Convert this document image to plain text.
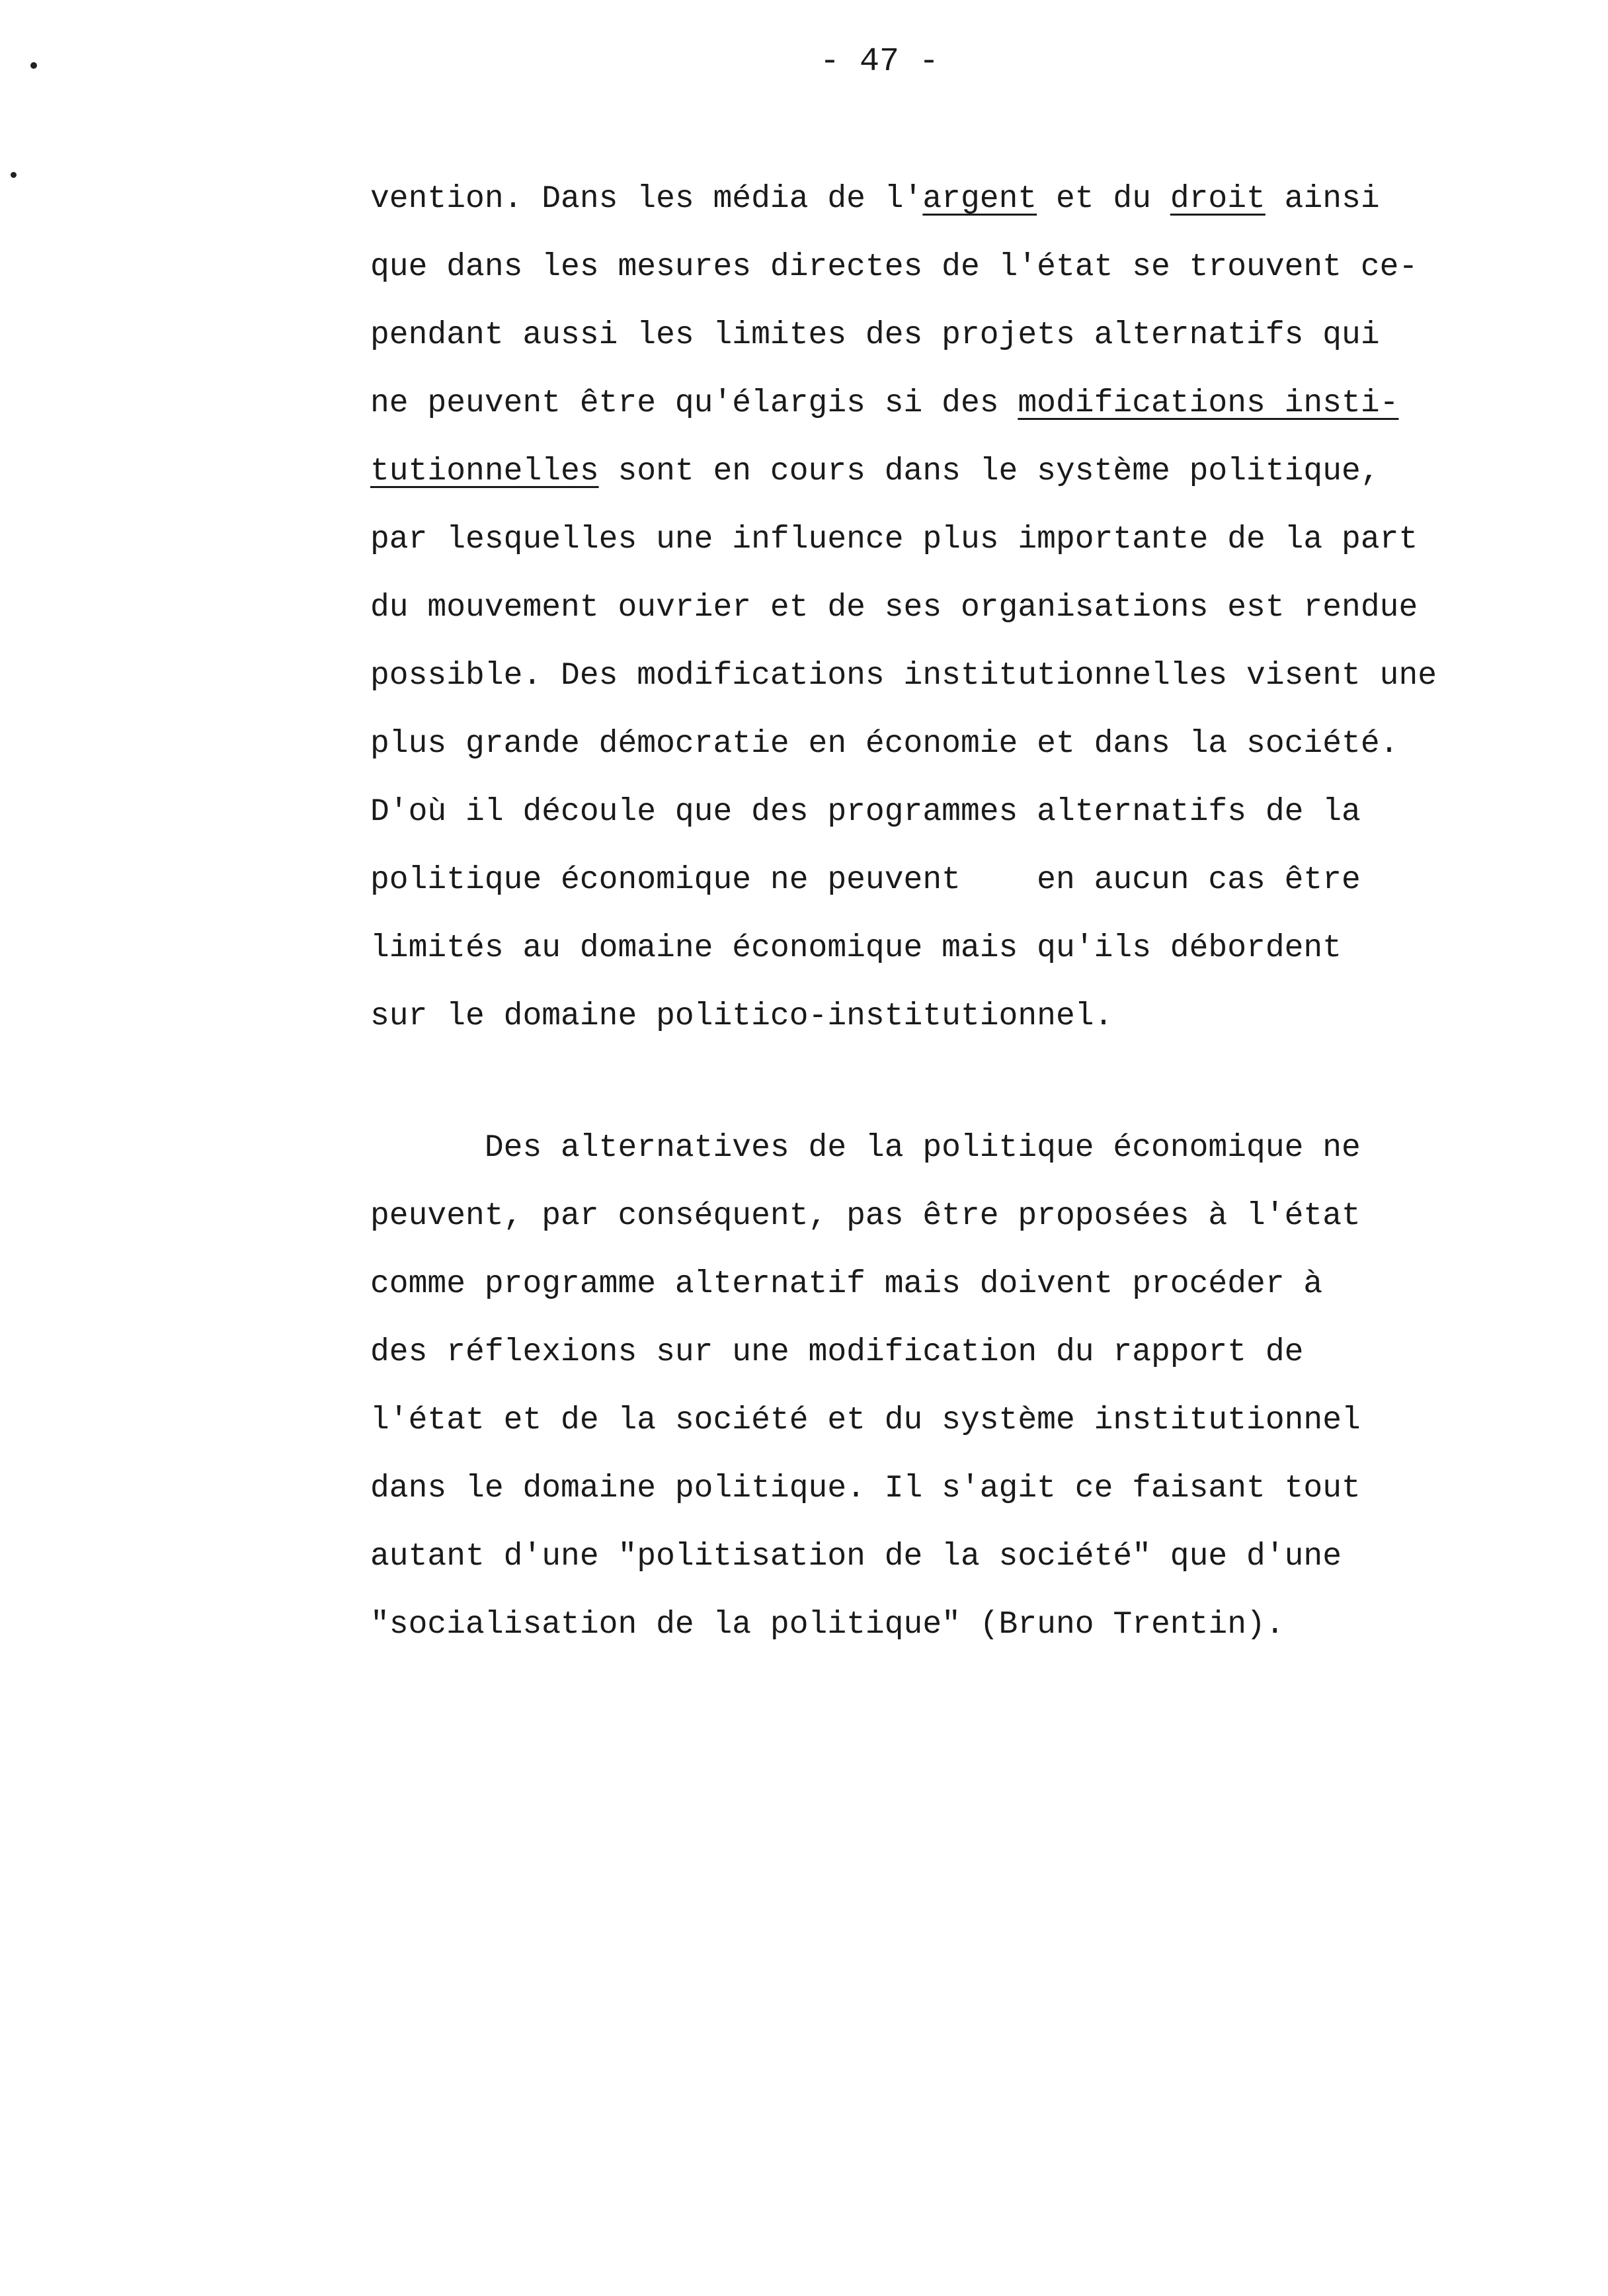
- 47 -
vention. Dans les média de l'argent et du droit ainsi
que dans les mesures directes de l'état se trouvent ce-
pendant aussi les limites des projets alternatifs qui
ne peuvent être qu'élargis si des modifications insti-
tutionnelles sont en cours dans le système politique,
par lesquelles une influence plus importante de la part
du mouvement ouvrier et de ses organisations est rendue
possible. Des modifications institutionnelles visent une
plus grande démocratie en économie et dans la société.
D'où il découle que des programmes alternatifs de la
politique économique ne peuvent    en aucun cas être
limités au domaine économique mais qu'ils débordent
sur le domaine politico-institutionnel.
Des alternatives de la politique économique ne
peuvent, par conséquent, pas être proposées à l'état
comme programme alternatif mais doivent procéder à
des réflexions sur une modification du rapport de
l'état et de la société et du système institutionnel
dans le domaine politique. Il s'agit ce faisant tout
autant d'une "politisation de la société" que d'une
"socialisation de la politique" (Bruno Trentin).
